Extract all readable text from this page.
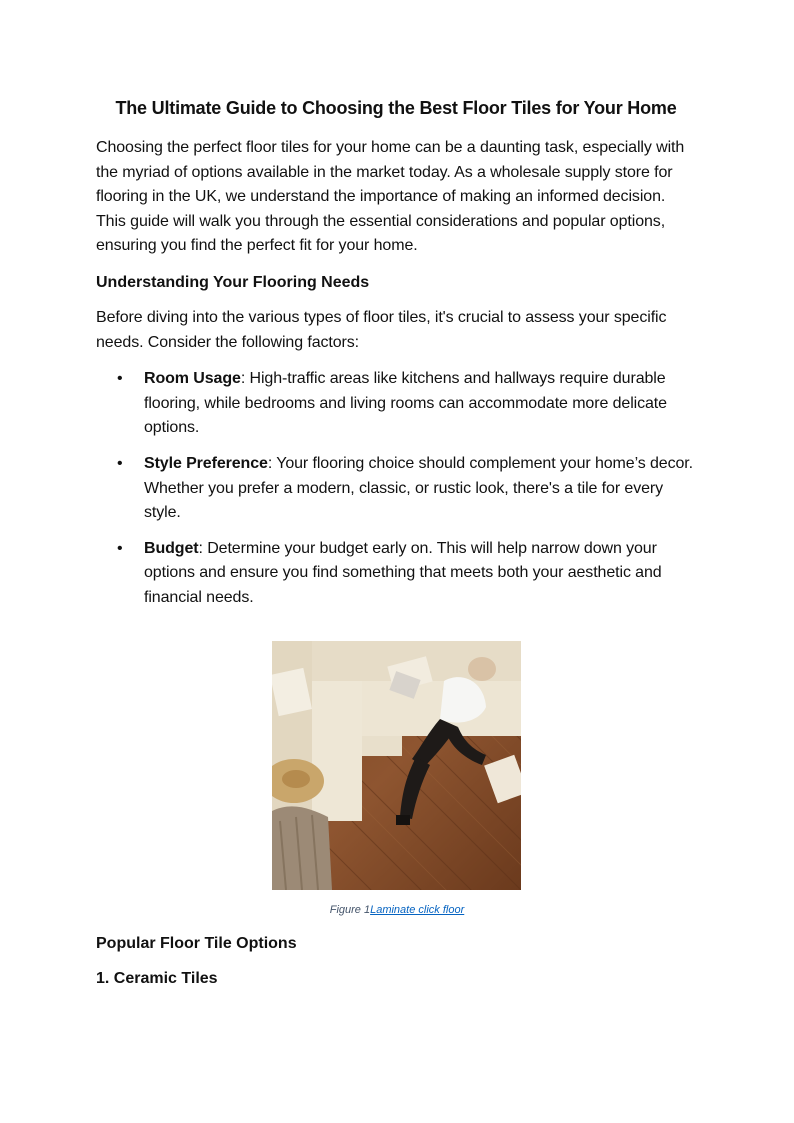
The Ultimate Guide to Choosing the Best Floor Tiles for Your Home

Choosing the perfect floor tiles for your home can be a daunting task, especially with the myriad of options available in the market today. As a wholesale supply store for flooring in the UK, we understand the importance of making an informed decision. This guide will walk you through the essential considerations and popular options, ensuring you find the perfect fit for your home.

Understanding Your Flooring Needs

Before diving into the various types of floor tiles, it's crucial to assess your specific needs. Consider the following factors:

• Room Usage: High-traffic areas like kitchens and hallways require durable flooring, while bedrooms and living rooms can accommodate more delicate options.
• Style Preference: Your flooring choice should complement your home’s decor. Whether you prefer a modern, classic, or rustic look, there's a tile for every style.
• Budget: Determine your budget early on. This will help narrow down your options and ensure you find something that meets both your aesthetic and financial needs.
Figure 1Laminate click floor
Popular Floor Tile Options
1. Ceramic Tiles
